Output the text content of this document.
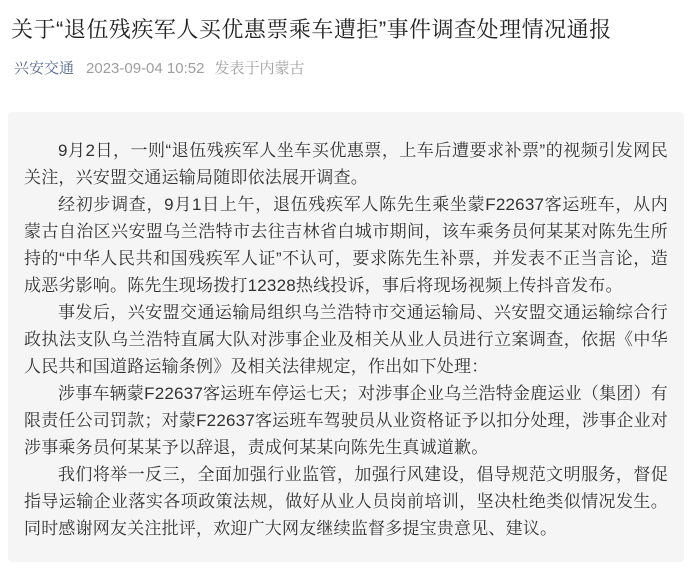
关于“退伍残疾军人买优惠票乘车遭拒”事件调查处理情况通报
兴安交通 2023-09-04 10:52 发表于内蒙古

9月2日，一则“退伍残疾军人坐车买优惠票，上车后遭要求补票”的视频引发网民关注，兴安盟交通运输局随即依法展开调查。

经初步调查，9月1日上午，退伍残疾军人陈先生乘坐蒙F22637客运班车，从内蒙古自治区兴安盟乌兰浩特市去往吉林省白城市期间，该车乘务员何某某对陈先生所持的“中华人民共和国残疾军人证”不认可，要求陈先生补票，并发表不正当言论，造成恶劣影响。陈先生现场拨打12328热线投诉，事后将现场视频上传抖音发布。

事发后，兴安盟交通运输局组织乌兰浩特市交通运输局、兴安盟交通运输综合行政执法支队乌兰浩特直属大队对涉事企业及相关从业人员进行立案调查，依据《中华人民共和国道路运输条例》及相关法律规定，作出如下处理：

涉事车辆蒙F22637客运班车停运七天；对涉事企业乌兰浩特金鹿运业（集团）有限责任公司罚款；对蒙F22637客运班车驾驶员从业资格证予以扣分处理，涉事企业对涉事乘务员何某某予以辞退，责成何某某向陈先生真诚道歉。

我们将举一反三，全面加强行业监管，加强行风建设，倡导规范文明服务，督促指导运输企业落实各项政策法规，做好从业人员岗前培训，坚决杜绝类似情况发生。同时感谢网友关注批评，欢迎广大网友继续监督多提宝贵意见、建议。
